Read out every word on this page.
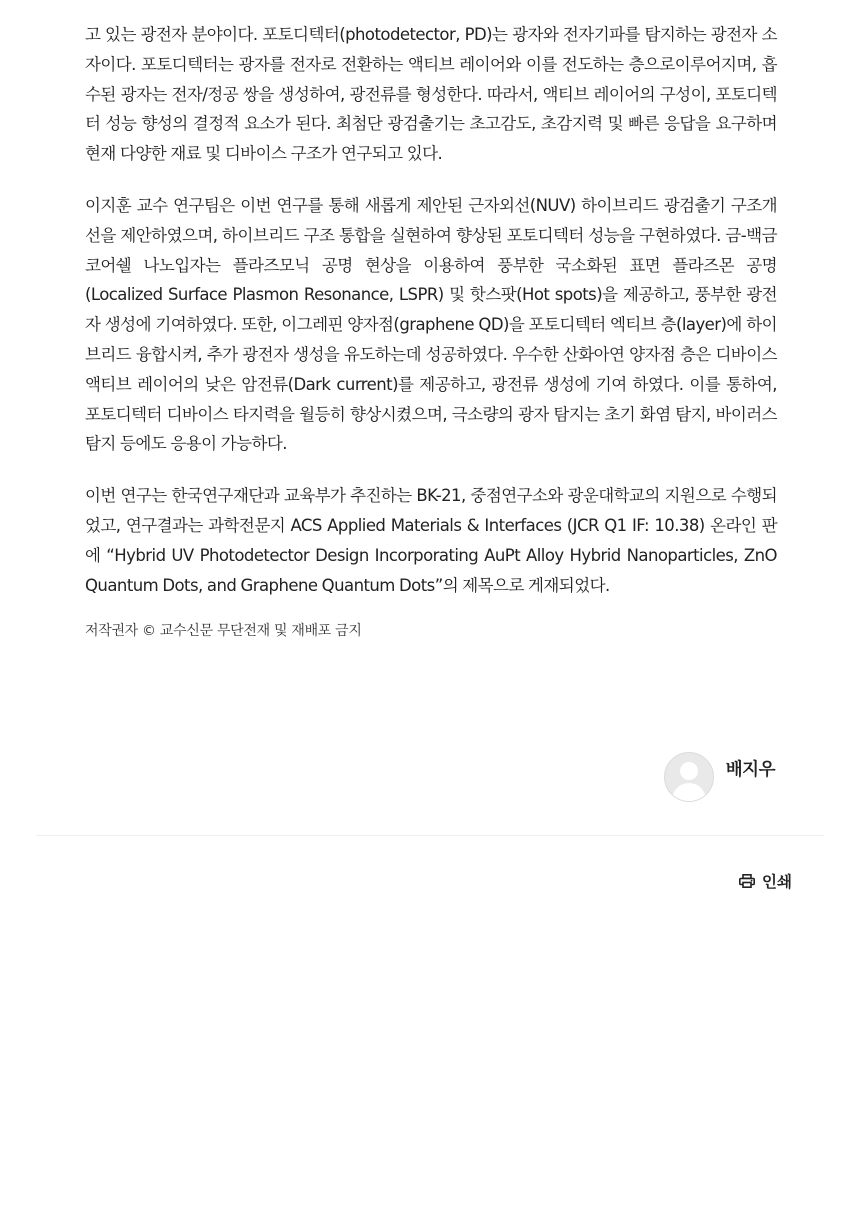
고 있는 광전자 분야이다. 포토디텍터(photodetector, PD)는 광자와 전자기파를 탐지하는 광전자 소자이다. 포토디텍터는 광자를 전자로 전환하는 액티브 레이어와 이를 전도하는 층으로이루어지며, 흡수된 광자는 전자/정공 쌍을 생성하여, 광전류를 형성한다. 따라서, 액티브 레이어의 구성이, 포토디텍터 성능 향성의 결정적 요소가 된다. 최첨단 광검출기는 초고감도, 초감지력 및 빠른 응답을 요구하며 현재 다양한 재료 및 디바이스 구조가 연구되고 있다.

이지훈 교수 연구팀은 이번 연구를 통해 새롭게 제안된 근자외선(NUV) 하이브리드 광검출기 구조개선을 제안하였으며, 하이브리드 구조 통합을 실현하여 향상된 포토디텍터 성능을 구현하였다. 금-백금 코어쉘 나노입자는 플라즈모닉 공명 현상을 이용하여 풍부한 국소화된 표면 플라즈몬 공명 (Localized Surface Plasmon Resonance, LSPR) 및 핫스팟(Hot spots)을 제공하고, 풍부한 광전자 생성에 기여하였다. 또한, 이그레핀 양자점(graphene QD)을 포토디텍터 엑티브 층(layer)에 하이브리드 융합시켜, 추가 광전자 생성을 유도하는데 성공하였다. 우수한 산화아연 양자점 층은 디바이스 액티브 레이어의 낮은 암전류(Dark current)를 제공하고, 광전류 생성에 기여 하였다. 이를 통하여, 포토디텍터 디바이스 타지력을 월등히 향상시켰으며, 극소량의 광자 탐지는 초기 화염 탐지, 바이러스 탐지 등에도 응용이 가능하다.

이번 연구는 한국연구재단과 교육부가 추진하는 BK-21, 중점연구소와 광운대학교의 지원으로 수행되었고, 연구결과는 과학전문지 ACS Applied Materials & Interfaces (JCR Q1 IF: 10.38) 온라인 판에 “Hybrid UV Photodetector Design Incorporating AuPt Alloy Hybrid Nanoparticles, ZnO Quantum Dots, and Graphene Quantum Dots”의 제목으로 게재되었다.

저작권자 © 교수신문 무단전재 및 재배포 금지
배지우
인쇄
